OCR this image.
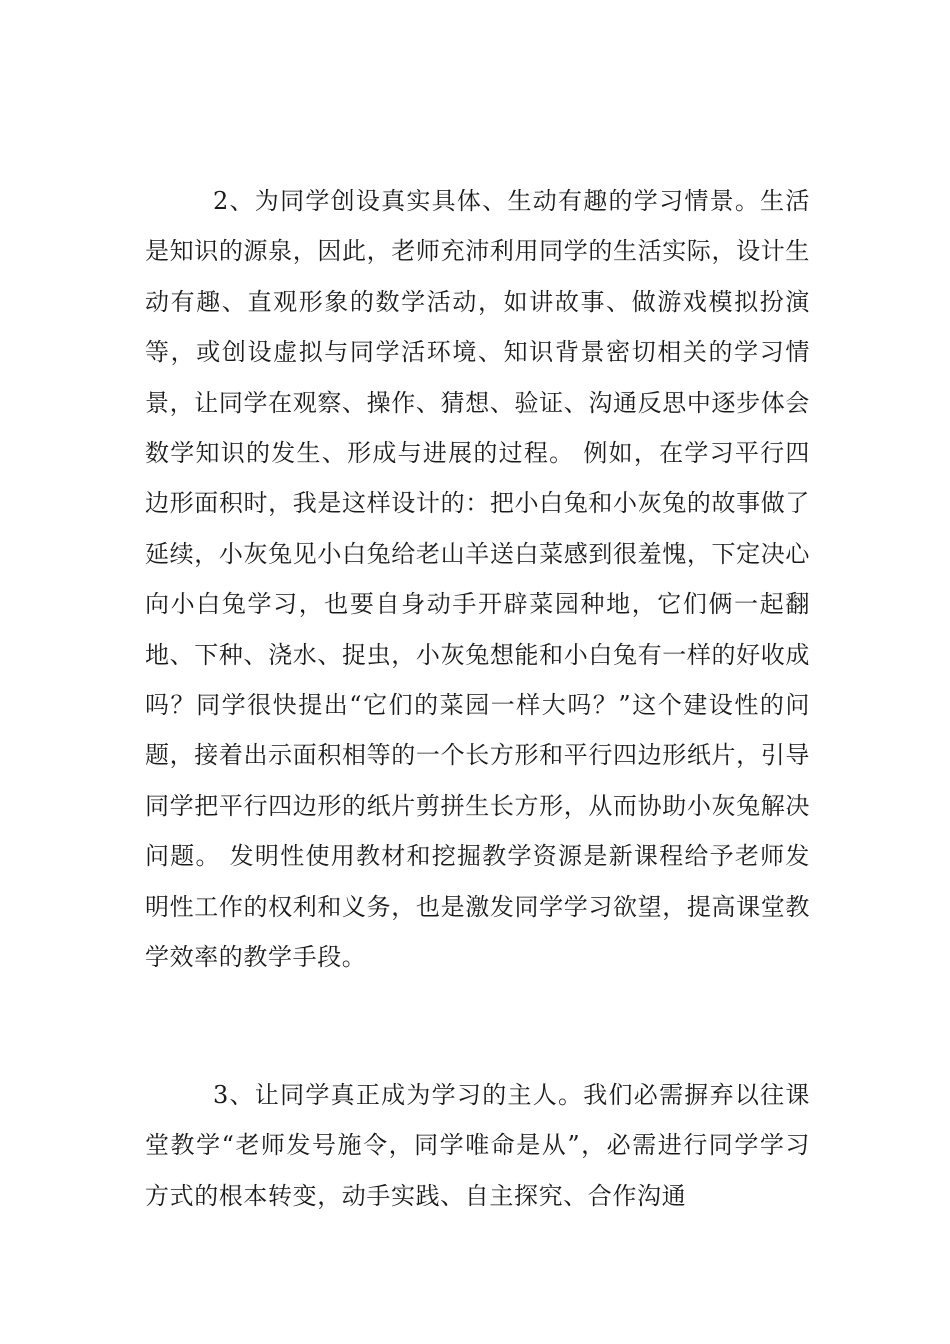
2、为同学创设真实具体、生动有趣的学习情景。生活是知识的源泉，因此，老师充沛利用同学的生活实际，设计生动有趣、直观形象的数学活动，如讲故事、做游戏模拟扮演等，或创设虚拟与同学活环境、知识背景密切相关的学习情景，让同学在观察、操作、猜想、验证、沟通反思中逐步体会数学知识的发生、形成与进展的过程。 例如，在学习平行四边形面积时，我是这样设计的：把小白兔和小灰兔的故事做了延续，小灰兔见小白兔给老山羊送白菜感到很羞愧，下定决心向小白兔学习，也要自身动手开辟菜园种地，它们俩一起翻地、下种、浇水、捉虫，小灰兔想能和小白兔有一样的好收成吗？同学很快提出“它们的菜园一样大吗？”这个建设性的问题，接着出示面积相等的一个长方形和平行四边形纸片，引导同学把平行四边形的纸片剪拼生长方形，从而协助小灰兔解决问题。 发明性使用教材和挖掘教学资源是新课程给予老师发明性工作的权利和义务，也是激发同学学习欲望，提高课堂教学效率的教学手段。

3、让同学真正成为学习的主人。我们必需摒弃以往课堂教学“老师发号施令，同学唯命是从”，必需进行同学学习方式的根本转变，动手实践、自主探究、合作沟通
